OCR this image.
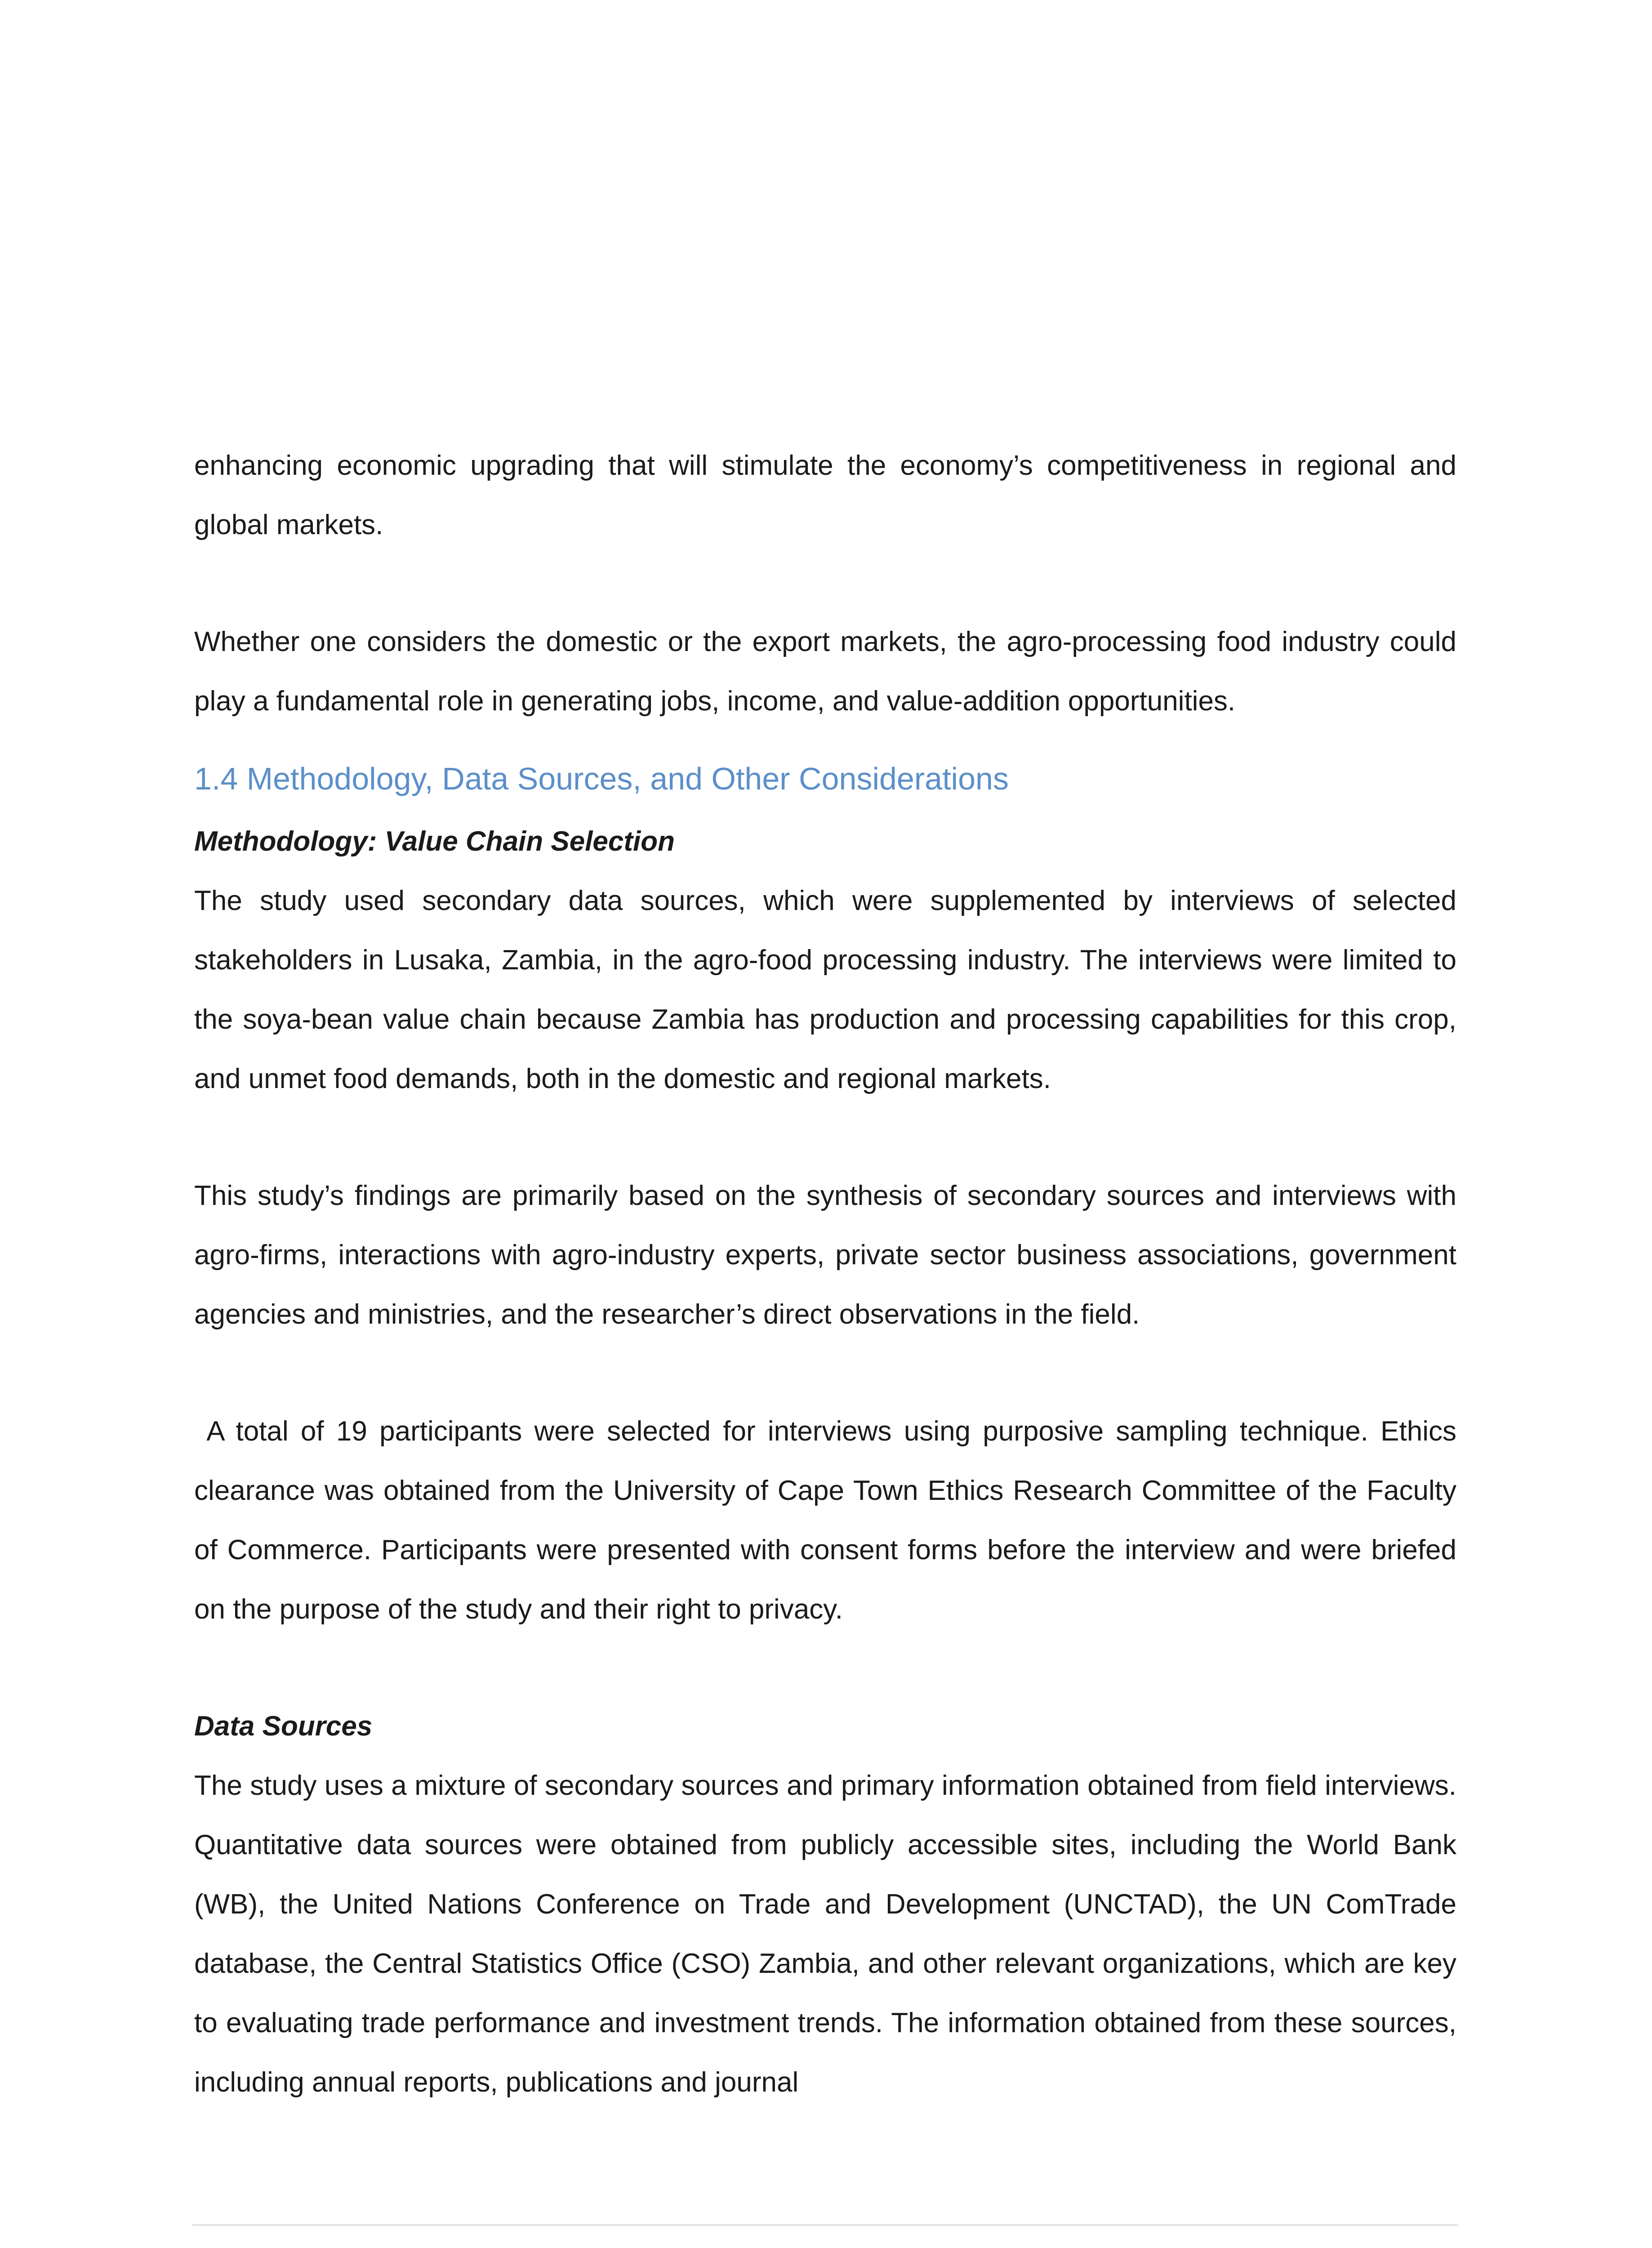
enhancing economic upgrading that will stimulate the economy’s competitiveness in regional and global markets.

Whether one considers the domestic or the export markets, the agro-processing food industry could play a fundamental role in generating jobs, income, and value-addition opportunities.

1.4 Methodology, Data Sources, and Other Considerations

Methodology: Value Chain Selection

The study used secondary data sources, which were supplemented by interviews of selected stakeholders in Lusaka, Zambia, in the agro-food processing industry. The interviews were limited to the soya-bean value chain because Zambia has production and processing capabilities for this crop, and unmet food demands, both in the domestic and regional markets.

This study’s findings are primarily based on the synthesis of secondary sources and interviews with agro-firms, interactions with agro-industry experts, private sector business associations, government agencies and ministries, and the researcher’s direct observations in the field.

A total of 19 participants were selected for interviews using purposive sampling technique. Ethics clearance was obtained from the University of Cape Town Ethics Research Committee of the Faculty of Commerce. Participants were presented with consent forms before the interview and were briefed on the purpose of the study and their right to privacy.

Data Sources

The study uses a mixture of secondary sources and primary information obtained from field interviews. Quantitative data sources were obtained from publicly accessible sites, including the World Bank (WB), the United Nations Conference on Trade and Development (UNCTAD), the UN ComTrade database, the Central Statistics Office (CSO) Zambia, and other relevant organizations, which are key to evaluating trade performance and investment trends. The information obtained from these sources, including annual reports, publications and journal
